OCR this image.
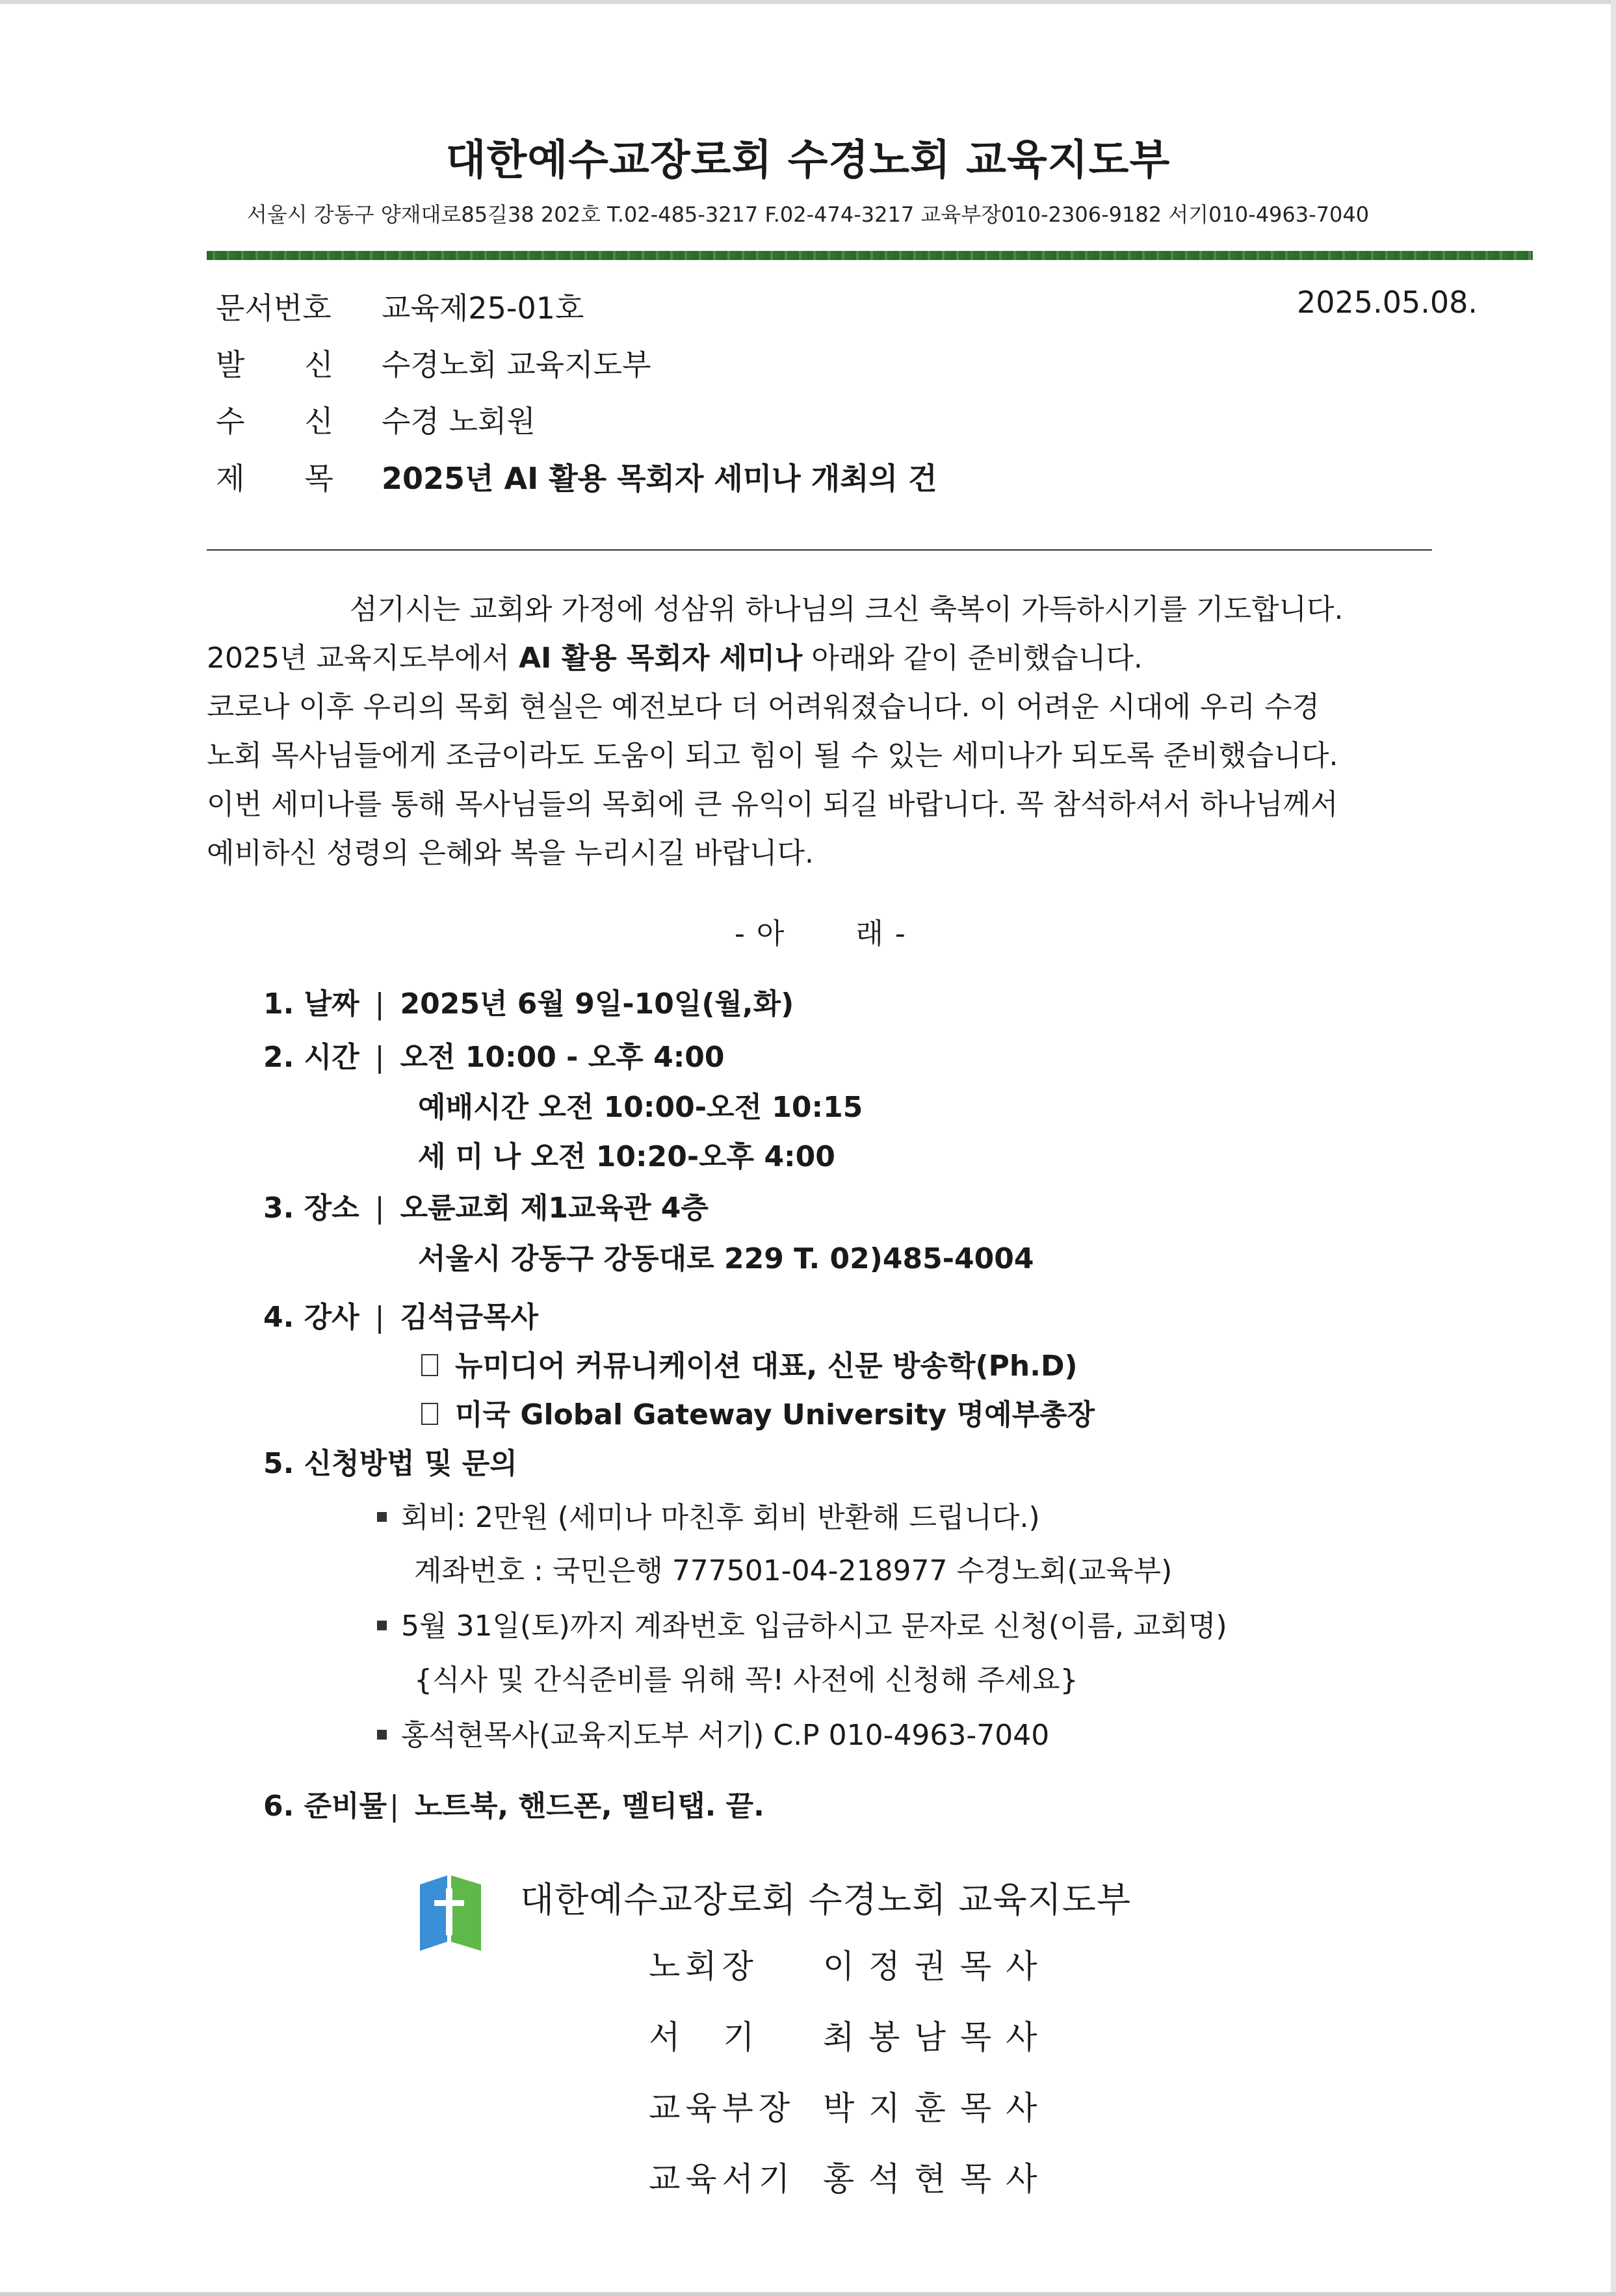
대한예수교장로회 수경노회 교육지도부
서울시 강동구 양재대로85길38 202호 T.02-485-3217 F.02-474-3217 교육부장010-2306-9182 서기010-4963-7040
문서번호 교육제25-01호	2025.05.08.
발　　신 수경노회 교육지도부
수　　신 수경 노회원
제　　목 2025년 AI 활용 목회자 세미나 개최의 건

섬기시는 교회와 가정에 성삼위 하나님의 크신 축복이 가득하시기를 기도합니다.

2025년 교육지도부에서 AI 활용 목회자 세미나 아래와 같이 준비했습니다.

코로나 이후 우리의 목회 현실은 예전보다 더 어려워졌습니다. 이 어려운 시대에 우리 수경

노회 목사님들에게 조금이라도 도움이 되고 힘이 될 수 있는 세미나가 되도록 준비했습니다.

이번 세미나를 통해 목사님들의 목회에 큰 유익이 되길 바랍니다. 꼭 참석하셔서 하나님께서

예비하신 성령의 은혜와 복을 누리시길 바랍니다.

- 아　　 래 -
1. 날짜 | 2025년 6월 9일-10일(월,화)
2. 시간 | 오전 10:00 - 오후 4:00
예배시간 오전 10:00-오전 10:15
세 미 나 오전 10:20-오후 4:00
3. 장소 | 오륜교회 제1교육관 4층
서울시 강동구 강동대로 229 T. 02)485-4004
4. 강사 | 김석금목사
뉴미디어 커뮤니케이션 대표, 신문 방송학(Ph.D)
미국 Global Gateway University 명예부총장
5. 신청방법 및 문의
회비: 2만원 (세미나 마친후 회비 반환해 드립니다.)
계좌번호 : 국민은행 777501-04-218977 수경노회(교육부)
5월 31일(토)까지 계좌번호 입금하시고 문자로 신청(이름, 교회명)
{식사 및 간식준비를 위해 꼭! 사전에 신청해 주세요}
홍석현목사(교육지도부 서기) C.P 010-4963-7040
6. 준비물| 노트북, 핸드폰, 멜티탭. 끝.
대한예수교장로회 수경노회 교육지도부
노회장 이정권목사
서　기 최봉남목사
교육부장 박지훈목사
교육서기 홍석현목사
